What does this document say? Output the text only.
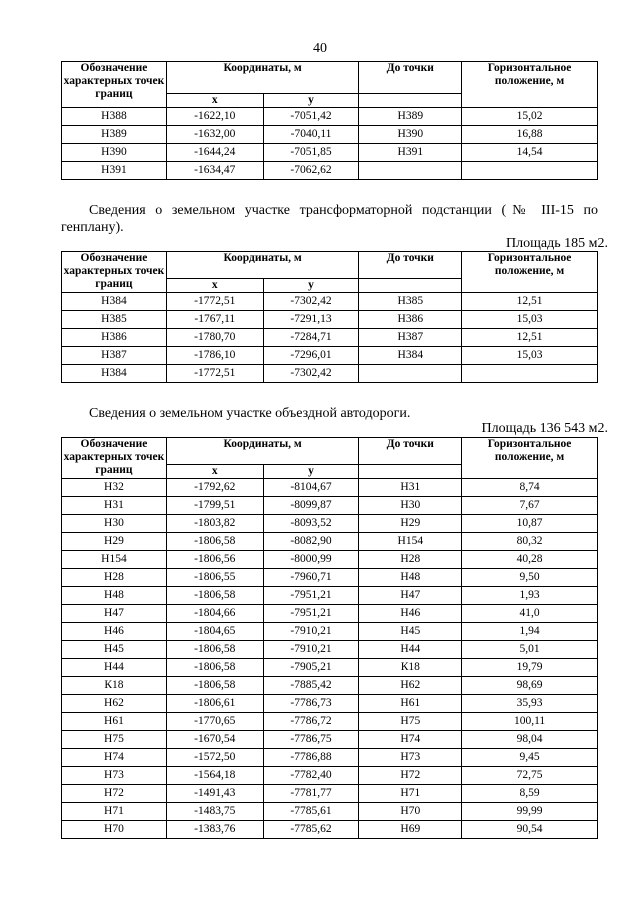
40
Обозначение характерных точек границ	Координаты, м		До точки	Горизонтальное положение, м
	x	y		
Н388	-1622,10	-7051,42	Н389	15,02
Н389	-1632,00	-7040,11	Н390	16,88
Н390	-1644,24	-7051,85	Н391	14,54
Н391	-1634,47	-7062,62		
Сведения о земельном участке трансформаторной подстанции (№ III-15 по генплану).
Площадь 185 м2.
Обозначение характерных точек границ	Координаты, м		До точки	Горизонтальное положение, м
	x	y		
Н384	-1772,51	-7302,42	Н385	12,51
Н385	-1767,11	-7291,13	Н386	15,03
Н386	-1780,70	-7284,71	Н387	12,51
Н387	-1786,10	-7296,01	Н384	15,03
Н384	-1772,51	-7302,42		
Сведения о земельном участке объездной автодороги.
Площадь 136 543 м2.
Обозначение характерных точек границ	Координаты, м		До точки	Горизонтальное положение, м
	x	y		
Н32	-1792,62	-8104,67	Н31	8,74
Н31	-1799,51	-8099,87	Н30	7,67
Н30	-1803,82	-8093,52	Н29	10,87
Н29	-1806,58	-8082,90	Н154	80,32
Н154	-1806,56	-8000,99	Н28	40,28
Н28	-1806,55	-7960,71	Н48	9,50
Н48	-1806,58	-7951,21	Н47	1,93
Н47	-1804,66	-7951,21	Н46	41,0
Н46	-1804,65	-7910,21	Н45	1,94
Н45	-1806,58	-7910,21	Н44	5,01
Н44	-1806,58	-7905,21	К18	19,79
К18	-1806,58	-7885,42	Н62	98,69
Н62	-1806,61	-7786,73	Н61	35,93
Н61	-1770,65	-7786,72	Н75	100,11
Н75	-1670,54	-7786,75	Н74	98,04
Н74	-1572,50	-7786,88	Н73	9,45
Н73	-1564,18	-7782,40	Н72	72,75
Н72	-1491,43	-7781,77	Н71	8,59
Н71	-1483,75	-7785,61	Н70	99,99
Н70	-1383,76	-7785,62	Н69	90,54
